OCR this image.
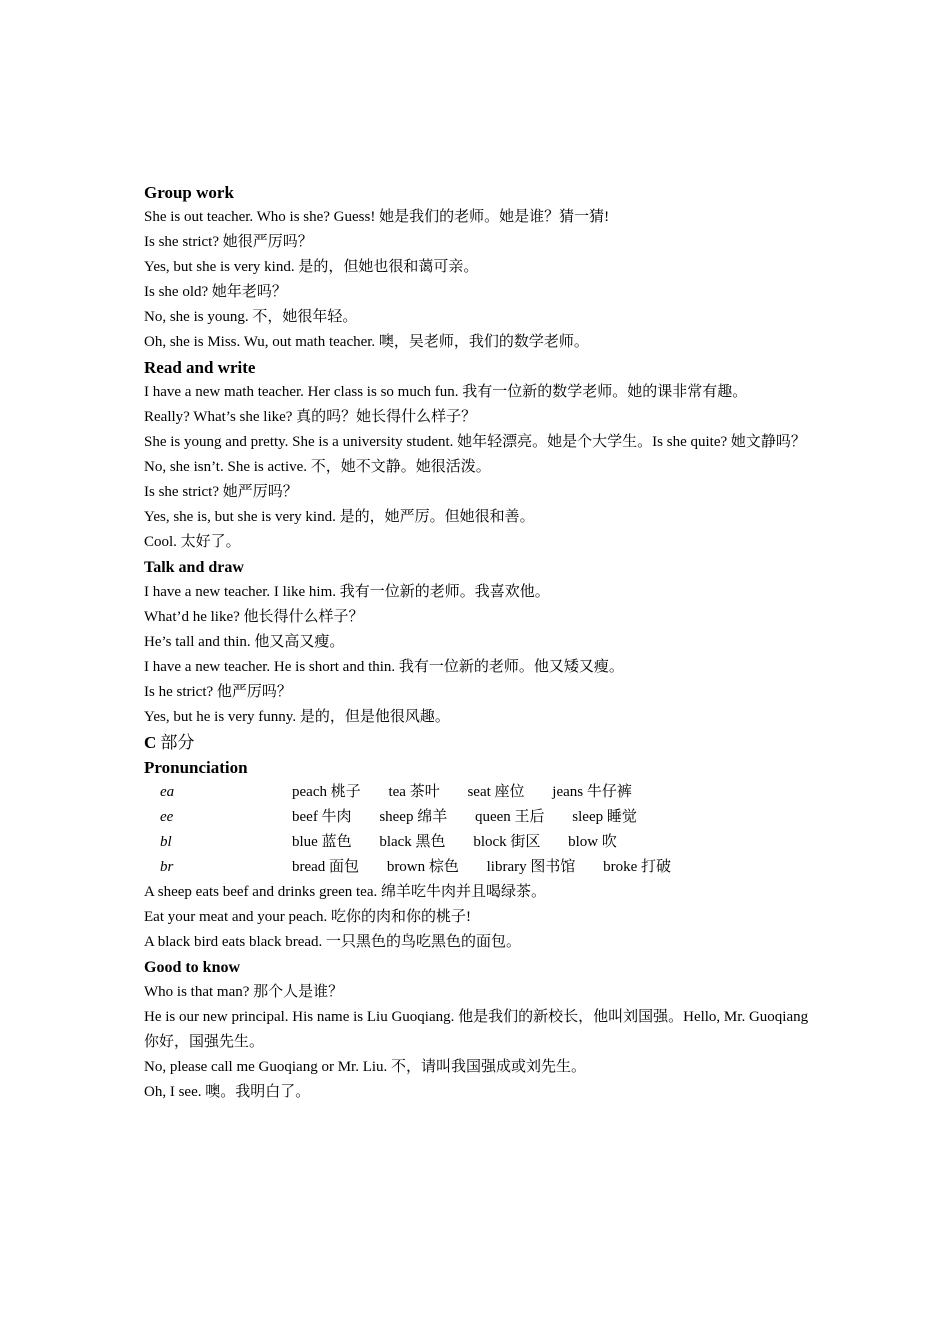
Group work
She is out teacher. Who is she? Guess! 她是我们的老师。她是谁？猜一猜!
Is she strict? 她很严厉吗？
Yes, but she is very kind. 是的，但她也很和蔼可亲。
Is she old? 她年老吗？
No, she is young. 不，她很年轻。
Oh, she is Miss. Wu, out math teacher. 噢，吴老师，我们的数学老师。
Read and write
I have a new math teacher. Her class is so much fun. 我有一位新的数学老师。她的课非常有趣。
Really? What’s she like? 真的吗？她长得什么样子？
She is young and pretty. She is a university student. 她年轻漂亮。她是个大学生。Is she quite? 她文静吗？
No, she isn’t. She is active. 不，她不文静。她很活泼。
Is she strict? 她严厉吗？
Yes, she is, but she is very kind. 是的，她严厉。但她很和善。
Cool. 太好了。
Talk and draw
I have a new teacher. I like him. 我有一位新的老师。我喜欢他。
What’d he like? 他长得什么样子？
He’s tall and thin. 他又高又瘦。
I have a new teacher. He is short and thin. 我有一位新的老师。他又矮又瘦。
Is he strict? 他严厉吗？
Yes, but he is very funny. 是的，但是他很风趣。
C 部分
Pronunciation
ea	peach 桃子 tea 茶叶 seat 座位 jeans 牛仔裤
ee	beef 牛肉 sheep 绵羊 queen 王后 sleep 睡觉
bl	blue 蓝色 black 黑色 block 街区 blow 吹
br	bread 面包 brown 棕色 library 图书馆 broke 打破
A sheep eats beef and drinks green tea. 绵羊吃牛肉并且喝绿茶。
Eat your meat and your peach. 吃你的肉和你的桃子!
A black bird eats black bread. 一只黑色的鸟吃黑色的面包。
Good to know
Who is that man? 那个人是谁？
He is our new principal. His name is Liu Guoqiang. 他是我们的新校长，他叫刘国强。Hello, Mr. Guoqiang 你好，国强先生。
No, please call me Guoqiang or Mr. Liu. 不，请叫我国强成或刘先生。
Oh, I see. 噢。我明白了。
